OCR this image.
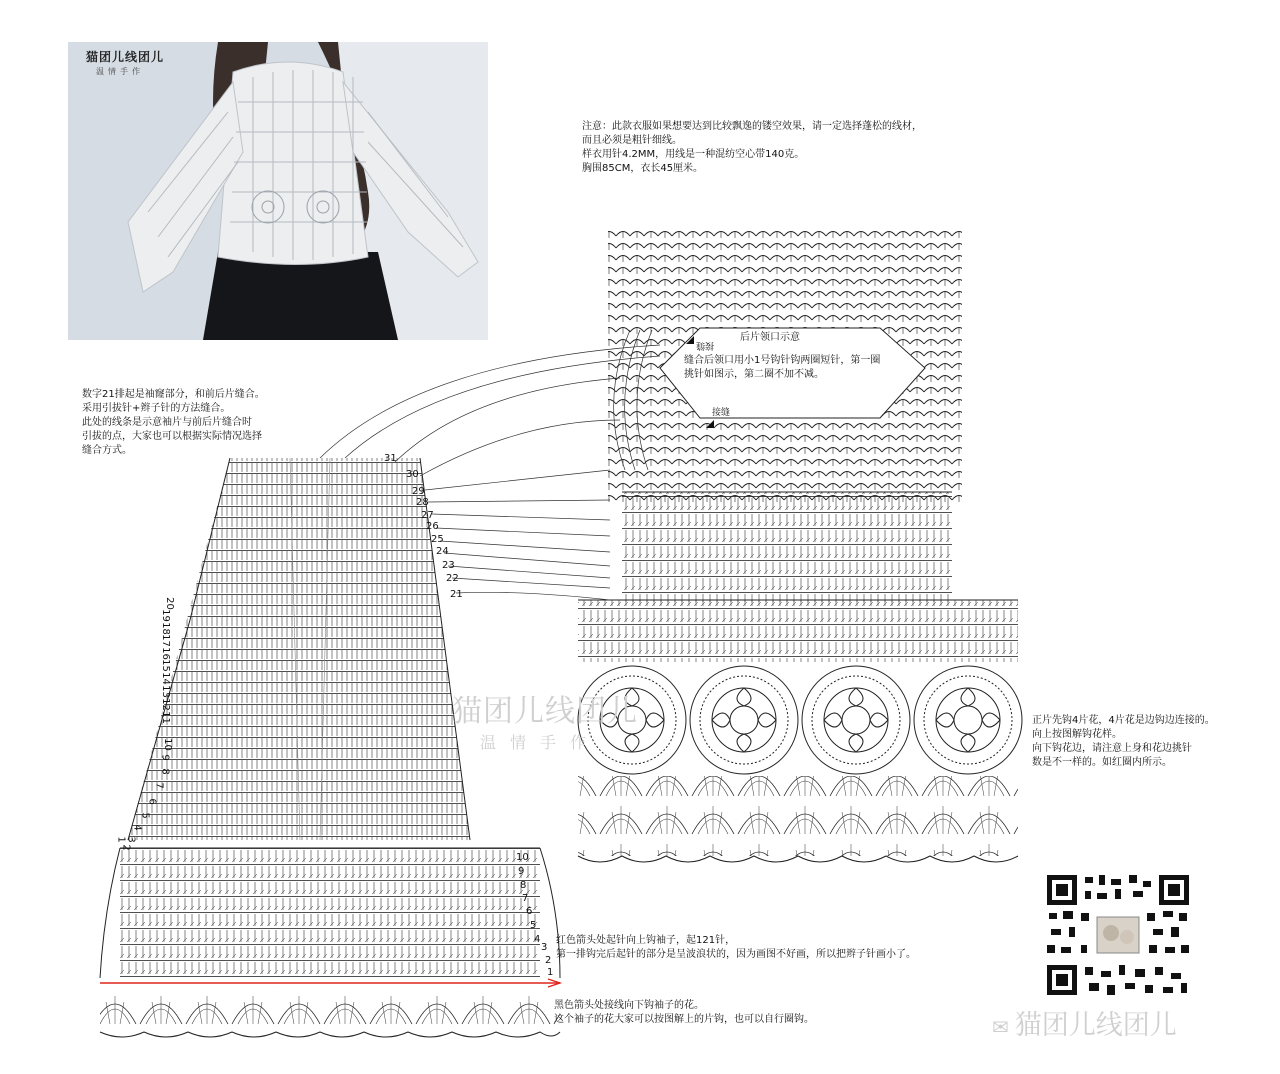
猫团儿线团儿
温情手作
注意：此款衣服如果想要达到比较飘逸的镂空效果，请一定选择蓬松的线材，
而且必须是粗针细线。
样衣用针4.2MM，用线是一种混纺空心带140克。
胸围85CM，衣长45厘米。
数字21排起是袖窿部分，和前后片缝合。
采用引拔针+辫子针的方法缝合。
此处的线条是示意袖片与前后片缝合时
引拔的点，大家也可以根据实际情况选择
缝合方式。
后片领口示意
缝合后领口用小1号钩针钩两圈短针，第一圈
挑针如图示，第二圈不加不减。
接缝
接缝
正片先钩4片花，4片花是边钩边连接的。
向上按图解钩花样。
向下钩花边，请注意上身和花边挑针
数是不一样的。如红圈内所示。
红色箭头处起针向上钩袖子，起121针，
第一排钩完后起针的部分是呈波浪状的，因为画图不好画，所以把辫子针画小了。
黑色箭头处接线向下钩袖子的花。
这个袖子的花大家可以按图解上的片钩，也可以自行圈钩。
21
22
23
24
25
26
27
28
29
30
31
20
19
18
17
16
15
14
13
12
11
10
9
8
7
6
5
4
3
2
1
10
9
8
7
6
5
4
3
2
1
猫团儿线团儿
温情手作
✉ 猫团儿线团儿
